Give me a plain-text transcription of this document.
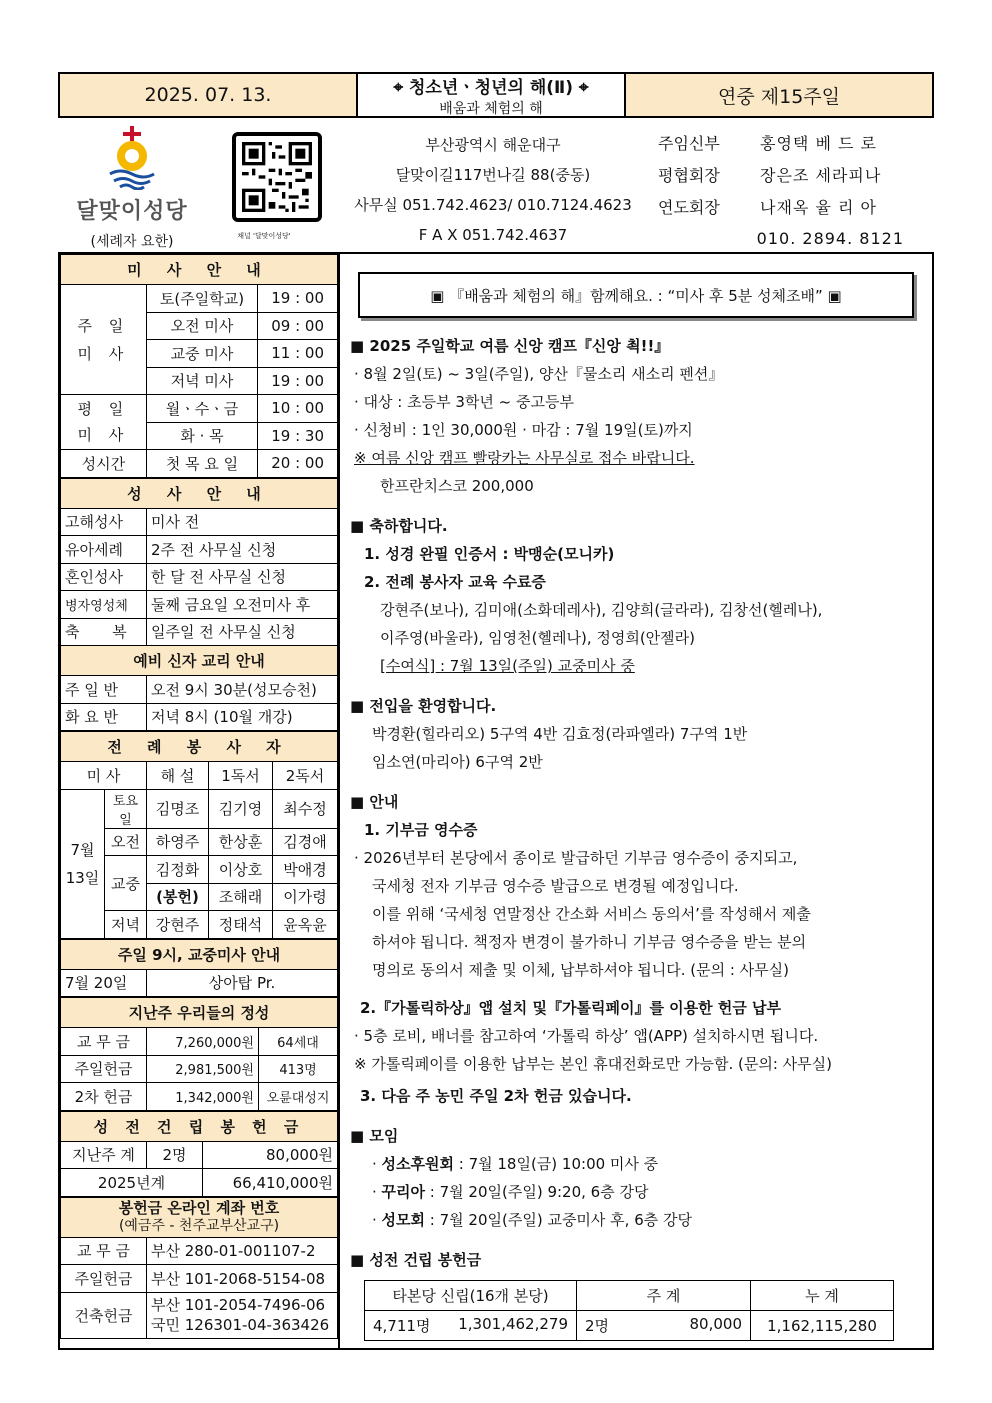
2025. 07. 13.	⌖ 청소년ㆍ청년의 해(Ⅱ) ⌖
배움과 체험의 해
연중 제15주일
달맞이성당
(세례자 요한)
부산광역시 해운대구
달맞이길117번나길 88(중동)
사무실 051.742.4623/ 010.7124.4623
F A X 051.742.4637
주임신부	홍영택 베 드 로
평협회장	장은조 세라피나
연도회장	나재옥 율 리 아
010. 2894. 8121
채널 '달맞이성당'
미 사 안 내		
주 일
미 사	토(주일학교)	19 : 00
	오전 미사	09 : 00
	교중 미사	11 : 00
	저녁 미사	19 : 00
평 일
미 사	월ㆍ수ㆍ금	10 : 00
	화 · 목	19 : 30
성시간	첫 목 요 일	20 : 00
성 사 안 내	
고해성사	미사 전
유아세례	2주 전 사무실 신청
혼인성사	한 달 전 사무실 신청
병자영성체	둘째 금요일 오전미사 후
축 복	일주일 전 사무실 신청
예비 신자 교리 안내	
주 일 반	오전 9시 30분(성모승천)
화 요 반	저녁 8시 (10월 개강)
전 례 봉 사 자				
미 사		해 설	1독서	2독서
7월
13일	토요일	김명조	김기영	최수정
	오전	하영주	한상훈	김경애
	교중	김정화	이상호	박애경
		(봉헌)	조해래	이가령
	저녁	강현주	정태석	윤옥윤
주일 9시, 교중미사 안내
7월 20일	상아탑 Pr.
지난주 우리들의 정성		
교 무 금	7,260,000원	64세대
주일헌금	2,981,500원	413명
2차 헌금	1,342,000원	오륜대성지
성 전 건 립 봉 헌 금		
지난주 계	2명	80,000원
2025년계		66,410,000원
봉헌금 온라인 계좌 번호
(예금주 - 천주교부산교구)	

교 무 금	부산 280-01-001107-2
주일헌금	부산 101-2068-5154-08
건축헌금	부산 101-2054-7496-06
국민 126301-04-363426
▣ 『배움과 체험의 해』함께해요. : “미사 후 5분 성체조배” ▣
■ 2025 주일학교 여름 신앙 캠프『신앙 쵝!!』
· 8월 2일(토) ~ 3일(주일), 양산『물소리 새소리 펜션』
· 대상 : 초등부 3학년 ~ 중고등부
· 신청비 : 1인 30,000원 · 마감 : 7월 19일(토)까지
※ 여름 신앙 캠프 빨랑카는 사무실로 접수 바랍니다.
한프란치스코 200,000
■ 축하합니다.
1. 성경 완필 인증서 : 박맹순(모니카)
2. 전례 봉사자 교육 수료증
강현주(보나), 김미애(소화데레사), 김양희(글라라), 김창선(헬레나),
이주영(바울라), 임영천(헬레나), 정영희(안젤라)
[수여식] : 7월 13일(주일) 교중미사 중
■ 전입을 환영합니다.
박경환(힐라리오) 5구역 4반 김효정(라파엘라) 7구역 1반
임소연(마리아) 6구역 2반
■ 안내
1. 기부금 영수증
· 2026년부터 본당에서 종이로 발급하던 기부금 영수증이 중지되고,
국세청 전자 기부금 영수증 발급으로 변경될 예정입니다.
이를 위해 ‘국세청 연말정산 간소화 서비스 동의서’를 작성해서 제출
하셔야 됩니다. 책정자 변경이 불가하니 기부금 영수증을 받는 분의
명의로 동의서 제출 및 이체, 납부하셔야 됩니다. (문의 : 사무실)
2.『가톨릭하상』앱 설치 및『가톨릭페이』를 이용한 헌금 납부
· 5층 로비, 배너를 참고하여 ‘가톨릭 하상’ 앱(APP) 설치하시면 됩니다.
※ 가톨릭페이를 이용한 납부는 본인 휴대전화로만 가능함. (문의: 사무실)
3. 다음 주 농민 주일 2차 헌금 있습니다.
■ 모임
· 성소후원회 : 7월 18일(금) 10:00 미사 중
· 꾸리아 : 7월 20일(주일) 9:20, 6층 강당
· 성모회 : 7월 20일(주일) 교중미사 후, 6층 강당
■ 성전 건립 봉헌금
타본당 신립(16개 본당)	주 계	누 계
4,711명 1,301,462,279	2명 80,000	1,162,115,280
